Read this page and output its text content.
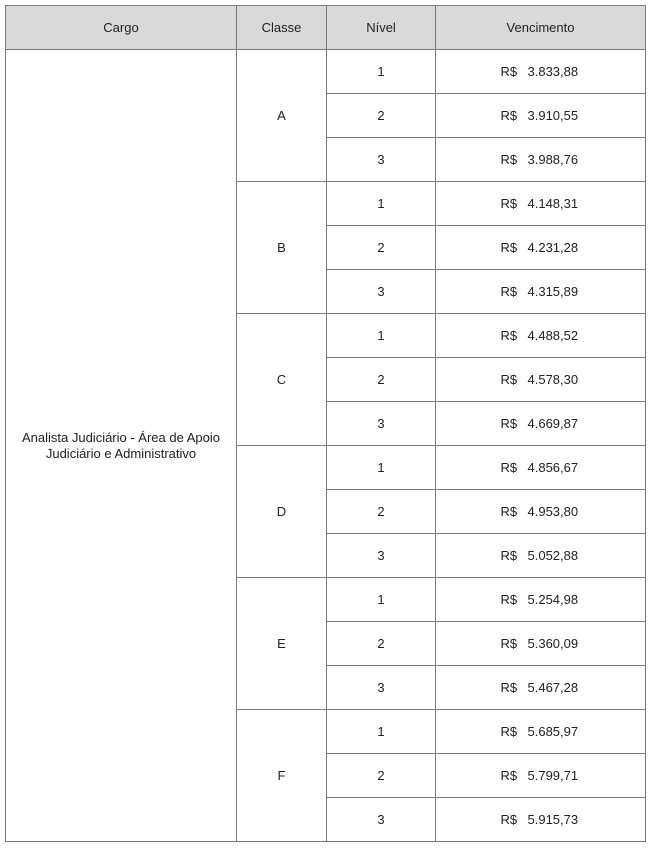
Cargo	Classe	Nível	Vencimento
Analista Judiciário - Área de Apoio Judiciário e Administrativo	A	1	R$ 3.833,88
		2	R$ 3.910,55
		3	R$ 3.988,76
	B	1	R$ 4.148,31
		2	R$ 4.231,28
		3	R$ 4.315,89
	C	1	R$ 4.488,52
		2	R$ 4.578,30
		3	R$ 4.669,87
	D	1	R$ 4.856,67
		2	R$ 4.953,80
		3	R$ 5.052,88
	E	1	R$ 5.254,98
		2	R$ 5.360,09
		3	R$ 5.467,28
	F	1	R$ 5.685,97
		2	R$ 5.799,71
		3	R$ 5.915,73
